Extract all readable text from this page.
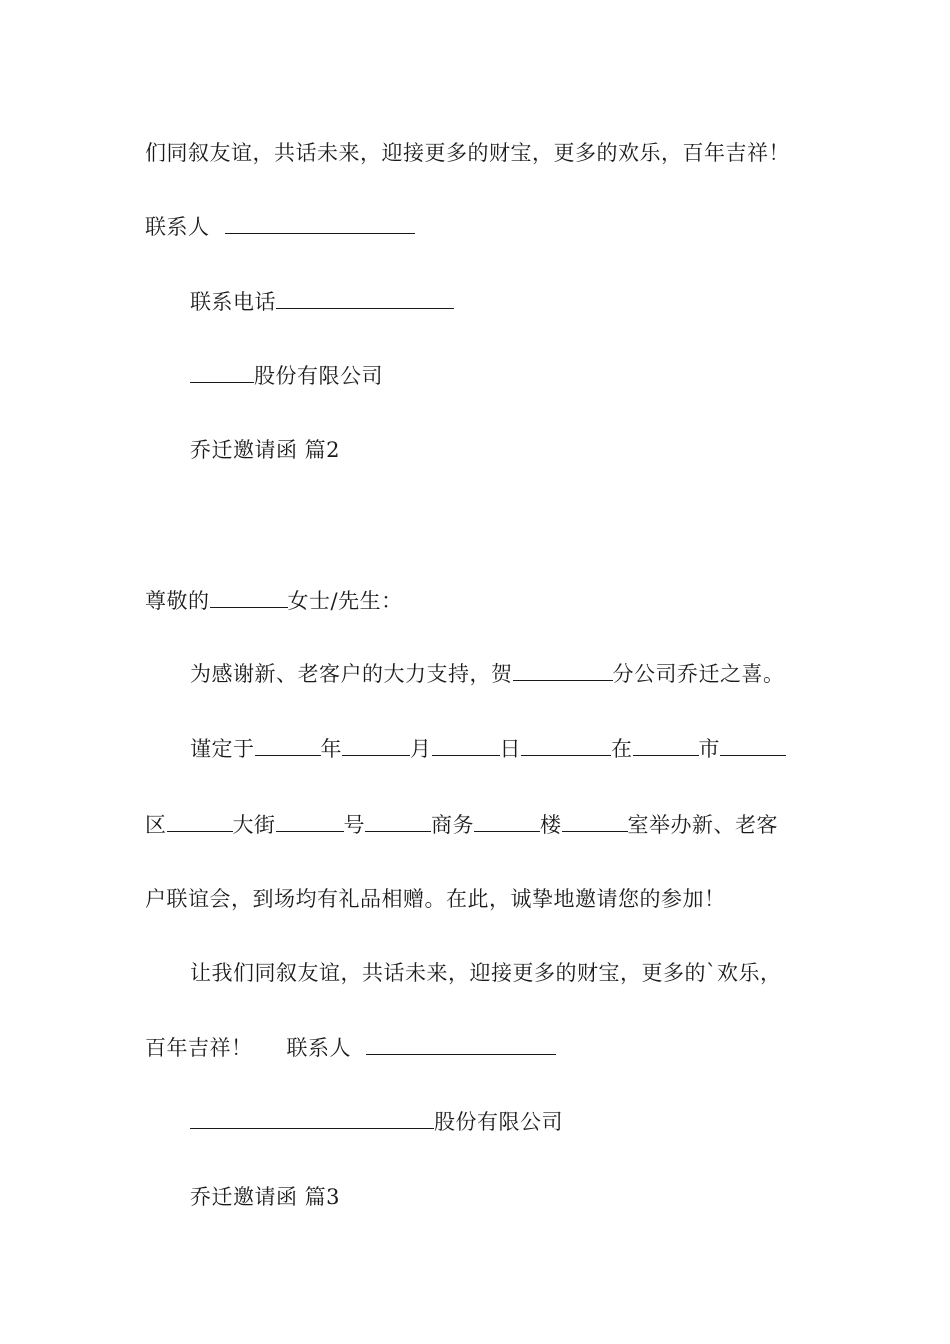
们同叙友谊，共话未来，迎接更多的财宝，更多的欢乐，百年吉祥！
联系人
联系电话
股份有限公司
乔迁邀请函 篇2
尊敬的	女士/先生：
为感谢新、老客户的大力支持，贺	分公司乔迁之喜。
谨定于	年	月	日	在	市
区	大街	号	商务	楼	室举办新、老客
户联谊会，到场均有礼品相赠。在此，诚挚地邀请您的参加！
让我们同叙友谊，共话未来，迎接更多的财宝，更多的`欢乐，
百年吉祥！ 联系人
股份有限公司
乔迁邀请函 篇3
